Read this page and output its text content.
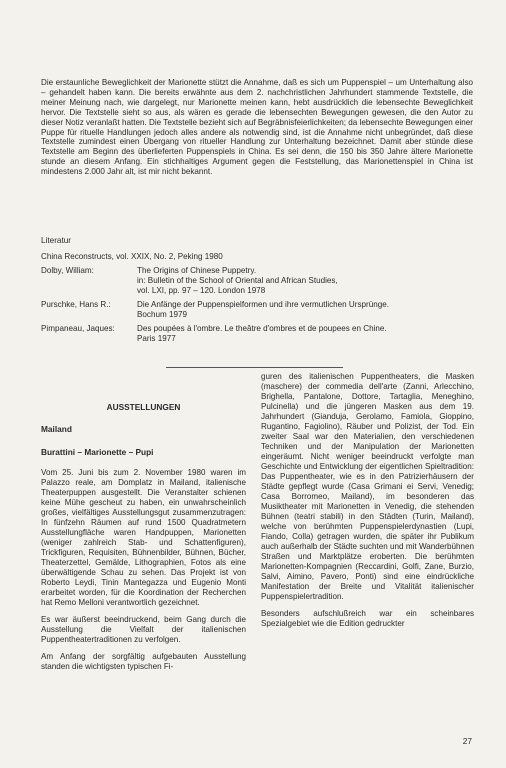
Die erstaunliche Beweglichkeit der Marionette stützt die Annahme, daß es sich um Puppenspiel – um Unterhaltung also – gehandelt haben kann. Die bereits erwähnte aus dem 2. nachchristlichen Jahrhundert stammende Textstelle, die meiner Meinung nach, wie dargelegt, nur Marionette meinen kann, hebt ausdrücklich die lebensechte Beweglichkeit hervor. Die Textstelle sieht so aus, als wären es gerade die lebensechten Bewegungen gewesen, die den Autor zu dieser Notiz veranlaßt hatten. Die Textstelle bezieht sich auf Begräbnisfeierlichkeiten; da lebensechte Bewegungen einer Puppe für rituelle Handlungen jedoch alles andere als notwendig sind, ist die Annahme nicht unbegründet, daß diese Textstelle zumindest einen Übergang von ritueller Handlung zur Unterhaltung bezeichnet. Damit aber stünde diese Textstelle am Beginn des überlieferten Puppenspiels in China. Es sei denn, die 150 bis 350 Jahre ältere Marionette stunde an diesem Anfang. Ein stichhaltiges Argument gegen die Feststellung, das Marionettenspiel in China ist mindestens 2.000 Jahr alt, ist mir nicht bekannt.

Literatur

China Reconstructs, vol. XXIX, No. 2, Peking 1980
Dolby, William:	The Origins of Chinese Puppetry.
in: Bulletin of the School of Oriental and African Studies,
vol. LXI, pp. 97 – 120. London 1978
Purschke, Hans R.:	Die Anfänge der Puppenspielformen und ihre vermutlichen Ursprünge.
Bochum 1979
Pimpaneau, Jaques:	Des poupées à l'ombre. Le theâtre d'ombres et de poupees en Chine.
Paris 1977

AUSSTELLUNGEN

Mailand

Burattini – Marionette – Pupi

Vom 25. Juni bis zum 2. November 1980 waren im Palazzo reale, am Domplatz in Mailand, italienische Theaterpuppen ausgestellt. Die Veranstalter schienen keine Mühe gescheut zu haben, ein unwahrscheinlich großes, vielfältiges Ausstellungsgut zusammenzutragen: In fünfzehn Räumen auf rund 1500 Quadratmetern Ausstellungfläche waren Handpuppen, Marionetten (weniger zahlreich Stab- und Schattenfiguren), Trickfiguren, Requisiten, Bühnenbilder, Bühnen, Bücher, Theaterzettel, Gemälde, Lithographien, Fotos als eine überwältigende Schau zu sehen. Das Projekt ist von Roberto Leydi, Tinin Mantegazza und Eugenio Monti erarbeitet worden, für die Koordination der Recherchen hat Remo Melloni verantwortlich gezeichnet.

Es war äußerst beeindruckend, beim Gang durch die Ausstellung die Vielfalt der italienischen Puppentheatertraditionen zu verfolgen.

Am Anfang der sorgfältig aufgebauten Ausstellung standen die wichtigsten typischen Fi-

guren des italienischen Puppentheaters, die Masken (maschere) der commedia dell'arte (Zanni, Arlecchino, Brighella, Pantalone, Dottore, Tartaglia, Meneghino, Pulcinella) und die jüngeren Masken aus dem 19. Jahrhundert (Gianduja, Gerolamo, Famiola, Gioppino, Rugantino, Fagiolino), Räuber und Polizist, der Tod. Ein zweiter Saal war den Materialien, den verschiedenen Techniken und der Manipulation der Marionetten eingeräumt. Nicht weniger beeindruckt verfolgte man Geschichte und Entwicklung der eigentlichen Spieltradition: Das Puppentheater, wie es in den Patrizierhäusern der Städte gepflegt wurde (Casa Grimani ei Servi, Venedig; Casa Borromeo, Mailand), im besonderen das Musiktheater mit Marionetten in Venedig, die stehenden Bühnen (teatri stabili) in den Städten (Turin, Mailand), welche von berühmten Puppenspielerdynastien (Lupi, Fiando, Colla) getragen wurden, die später ihr Publikum auch außerhalb der Städte suchten und mit Wanderbühnen Straßen und Marktplätze eroberten. Die berühmten Marionetten-Kompagnien (Reccardini, Golfi, Zane, Burzio, Salvi, Aimino, Pavero, Ponti) sind eine eindrückliche Manifestation der Breite und Vitalität italienischer Puppenspielertradition.

Besonders aufschlußreich war ein scheinbares Spezialgebiet wie die Edition gedruckter

27
